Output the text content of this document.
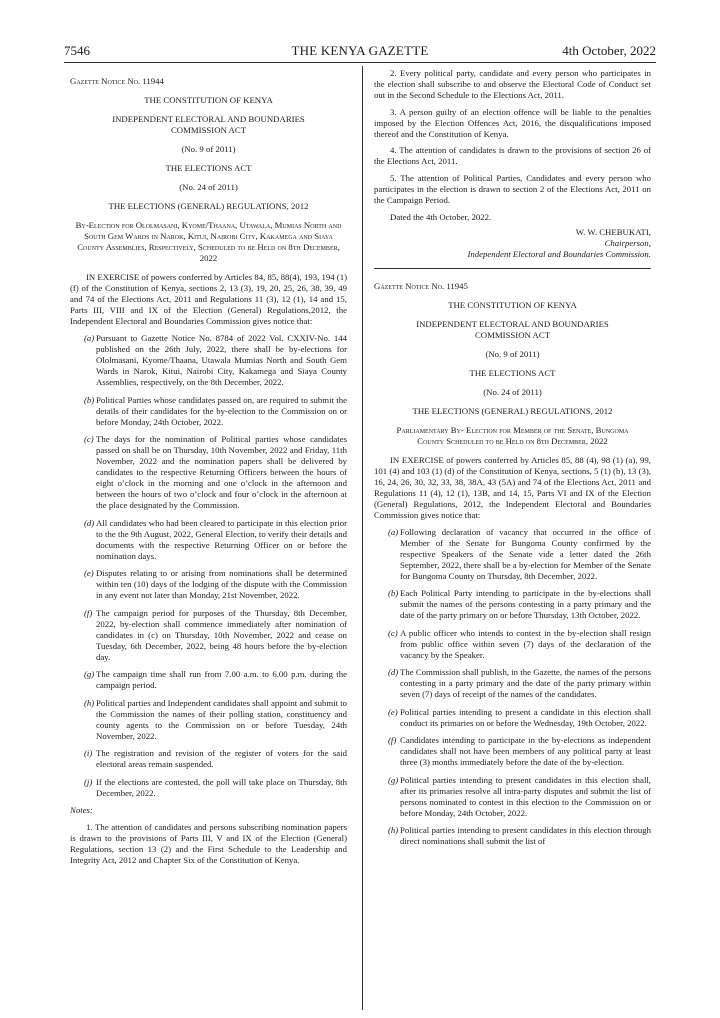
7546	THE KENYA GAZETTE	4th October, 2022

Gazette Notice No. 11944

THE CONSTITUTION OF KENYA

INDEPENDENT ELECTORAL AND BOUNDARIES COMMISSION ACT

(No. 9 of 2011)

THE ELECTIONS ACT

(No. 24 of 2011)

THE ELECTIONS (GENERAL) REGULATIONS, 2012

By-Election for Ololmasani, Kyome/Thaana, Utawala, Mumias North and South Gem Wards in Narok, Kitui, Nairobi City, Kakamega and Siaya County Assemblies, Respectively, Scheduled to be Held on 8th December, 2022

IN EXERCISE of powers conferred by Articles 84, 85, 88(4), 193, 194 (1) (f) of the Constitution of Kenya, sections 2, 13 (3), 19, 20, 25, 26, 38, 39, 49 and 74 of the Elections Act, 2011 and Regulations 11 (3), 12 (1), 14 and 15, Parts III, VIII and IX of the Election (General) Regulations,2012, the Independent Electoral and Boundaries Commission gives notice that:

(a) Pursuant to Gazette Notice No. 8784 of 2022 Vol. CXXIV-No. 144 published on the 26th July, 2022, there shall be by-elections for Ololmasani, Kyome/Thaana, Utawala Mumias North and South Gem Wards in Narok, Kitui, Nairobi City, Kakamega and Siaya County Assemblies, respectively, on the 8th December, 2022.

(b) Political Parties whose candidates passed on, are required to submit the details of their candidates for the by-election to the Commission on or before Monday, 24th October, 2022.

(c) The days for the nomination of Political parties whose candidates passed on shall be on Thursday, 10th November, 2022 and Friday, 11th November, 2022 and the nomination papers shall be delivered by candidates to the respective Returning Officers between the hours of eight o’clock in the morning and one o’clock in the afternoon and between the hours of two o’clock and four o’clock in the afternoon at the place designated by the Commission.

(d) All candidates who had been cleared to participate in this election prior to the the 9th August, 2022, General Election, to verify their details and documents with the respective Returning Officer on or before the nomination days.

(e) Disputes relating to or arising from nominations shall be determined within ten (10) days of the lodging of the dispute with the Commission in any event not later than Monday, 21st November, 2022.

(f) The campaign period for purposes of the Thursday, 8th December, 2022, by-election shall commence immediately after nomination of candidates in (c) on Thursday, 10th November, 2022 and cease on Tuesday, 6th December, 2022, being 48 hours before the by-election day.

(g) The campaign time shall run from 7.00 a.m. to 6.00 p.m. during the campaign period.

(h) Political parties and Independent candidates shall appoint and submit to the Commission the names of their polling station, constituency and county agents to the Commission on or before Tuesday, 24th November, 2022.

(i) The registration and revision of the register of voters for the said electoral areas remain suspended.

(j) If the elections are contested, the poll will take place on Thursday, 8th December, 2022.

Notes:

1. The attention of candidates and persons subscribing nomination papers is drawn to the provisions of Parts III, V and IX of the Election (General) Regulations, section 13 (2) and the First Schedule to the Leadership and Integrity Act, 2012 and Chapter Six of the Constitution of Kenya.

2. Every political party, candidate and every person who participates in the election shall subscribe to and observe the Electoral Code of Conduct set out in the Second Schedule to the Elections Act, 2011.

3. A person guilty of an election offence will be liable to the penalties imposed by the Election Offences Act, 2016, the disqualifications imposed thereof and the Constitution of Kenya.

4. The attention of candidates is drawn to the provisions of section 26 of the Elections Act, 2011.

5. The attention of Political Parties, Candidates and every person who participates in the election is drawn to section 2 of the Elections Act, 2011 on the Campaign Period.

Dated the 4th October, 2022.

W. W. CHEBUKATI,

Chairperson,

Independent Electoral and Boundaries Commission.

Gazette Notice No. 11945

THE CONSTITUTION OF KENYA

INDEPENDENT ELECTORAL AND BOUNDARIES COMMISSION ACT

(No. 9 of 2011)

THE ELECTIONS ACT

(No. 24 of 2011)

THE ELECTIONS (GENERAL) REGULATIONS, 2012

Parliamentary By- Election for Member of the Senate, Bungoma County Scheduled to be Held on 8th December, 2022

IN EXERCISE of powers conferred by Articles 85, 88 (4), 98 (1) (a), 99, 101 (4) and 103 (1) (d) of the Constitution of Kenya, sections, 5 (1) (b), 13 (3), 16, 24, 26, 30, 32, 33, 38, 38A, 43 (5A) and 74 of the Elections Act, 2011 and Regulations 11 (4), 12 (1), 13B, and 14, 15, Parts VI and IX of the Election (General) Regulations, 2012, the Independent Electoral and Boundaries Commission gives notice that:

(a) Following declaration of vacancy that occurred in the office of Member of the Senate for Bungoma County confirmed by the respective Speakers of the Senate vide a letter dated the 26th September, 2022, there shall be a by-election for Member of the Senate for Bungoma County on Thursday, 8th December, 2022.

(b) Each Political Party intending to participate in the by-elections shall submit the names of the persons contesting in a party primary and the date of the party primary on or before Thursday, 13th October, 2022.

(c) A public officer who intends to contest in the by-election shall resign from public office within seven (7) days of the declaration of the vacancy by the Speaker.

(d) The Commission shall publish, in the Gazette, the names of the persons contesting in a party primary and the date of the party primary within seven (7) days of receipt of the names of the candidates.

(e) Political parties intending to present a candidate in this election shall conduct its primaries on or before the Wednesday, 19th October, 2022.

(f) Candidates intending to participate in the by-elections as independent candidates shall not have been members of any political party at least three (3) months immediately before the date of the by-election.

(g) Political parties intending to present candidates in this election shall, after its primaries resolve all intra-party disputes and submit the list of persons nominated to contest in this election to the Commission on or before Monday, 24th October, 2022.

(h) Political parties intending to present candidates in this election through direct nominations shall submit the list of
